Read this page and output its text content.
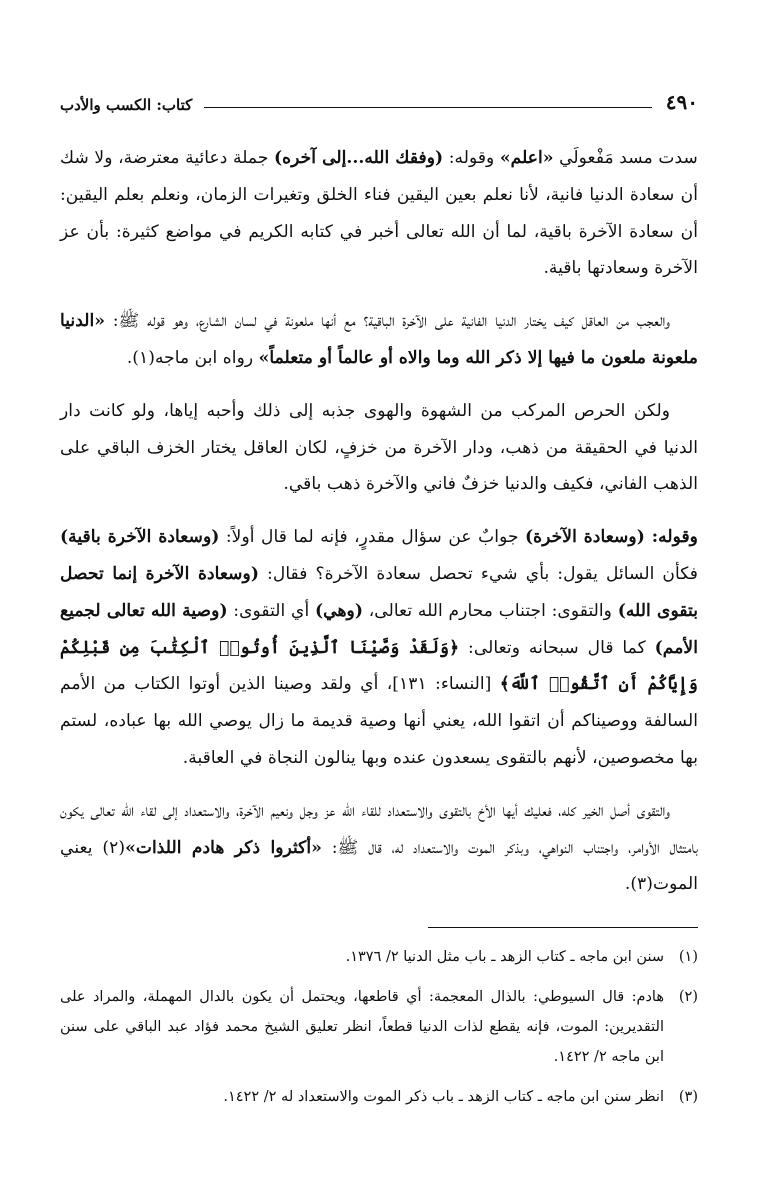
٤٩٠
كتاب: الكسب والأدب

سدت مسد مَفْعولَي «اعلم» وقوله: (وفقك الله...إلى آخره) جملة دعائية معترضة، ولا شك أن سعادة الدنيا فانية، لأنا نعلم بعين اليقين فناء الخلق وتغيرات الزمان، ونعلم بعلم اليقين: أن سعادة الآخرة باقية، لما أن الله تعالى أخبر في كتابه الكريم في مواضع كثيرة: بأن عز الآخرة وسعادتها باقية.

والعجب من العاقل كيف يختار الدنيا الفانية على الآخرة الباقية؟ مع أنها ملعونة في لسان الشارع، وهو قوله ﷺ: «الدنيا ملعونة ملعون ما فيها إلا ذكر الله وما والاه أو عالماً أو متعلماً» رواه ابن ماجه(١).

ولكن الحرص المركب من الشهوة والهوى جذبه إلى ذلك وأحبه إياها، ولو كانت دار الدنيا في الحقيقة من ذهب، ودار الآخرة من خزفٍ، لكان العاقل يختار الخزف الباقي على الذهب الفاني، فكيف والدنيا خزفٌ فاني والآخرة ذهب باقي.

وقوله: (وسعادة الآخرة) جوابٌ عن سؤال مقدرٍ، فإنه لما قال أولاً: (وسعادة الآخرة باقية) فكأن السائل يقول: بأي شيء تحصل سعادة الآخرة؟ فقال: (وسعادة الآخرة إنما تحصل بتقوى الله) والتقوى: اجتناب محارم الله تعالى، (وهي) أي التقوى: (وصية الله تعالى لجميع الأمم) كما قال سبحانه وتعالى: ﴿وَلَقَدْ وَصَّيْنَا ٱلَّذِينَ أُوتُوا۟ ٱلْكِتَٰبَ مِن قَبْلِكُمْ وَإِيَّاكُمْ أَنِ ٱتَّقُوا۟ ٱللَّهَ﴾ [النساء: ١٣١]، أي ولقد وصينا الذين أوتوا الكتاب من الأمم السالفة ووصيناكم أن اتقوا الله، يعني أنها وصية قديمة ما زال يوصي الله بها عباده، لستم بها مخصوصين، لأنهم بالتقوى يسعدون عنده وبها ينالون النجاة في العاقبة.

والتقوى أصل الخير كله، فعليك أيها الأخ بالتقوى والاستعداد للقاء الله عز وجل ونعيم الآخرة، والاستعداد إلى لقاء الله تعالى يكون بامتثال الأوامر، واجتناب النواهي، وبذكر الموت والاستعداد له، قال ﷺ: «أكثروا ذكر هادم اللذات»(٢) يعني الموت(٣).

(١)
سنن ابن ماجه ـ كتاب الزهد ـ باب مثل الدنيا ٢/ ١٣٧٦.
(٢)
هادم: قال السيوطي: بالذال المعجمة: أي قاطعها، ويحتمل أن يكون بالدال المهملة، والمراد على التقديرين: الموت، فإنه يقطع لذات الدنيا قطعاً، انظر تعليق الشيخ محمد فؤاد عبد الباقي على سنن ابن ماجه ٢/ ١٤٢٢.
(٣)
انظر سنن ابن ماجه ـ كتاب الزهد ـ باب ذكر الموت والاستعداد له ٢/ ١٤٢٢.
